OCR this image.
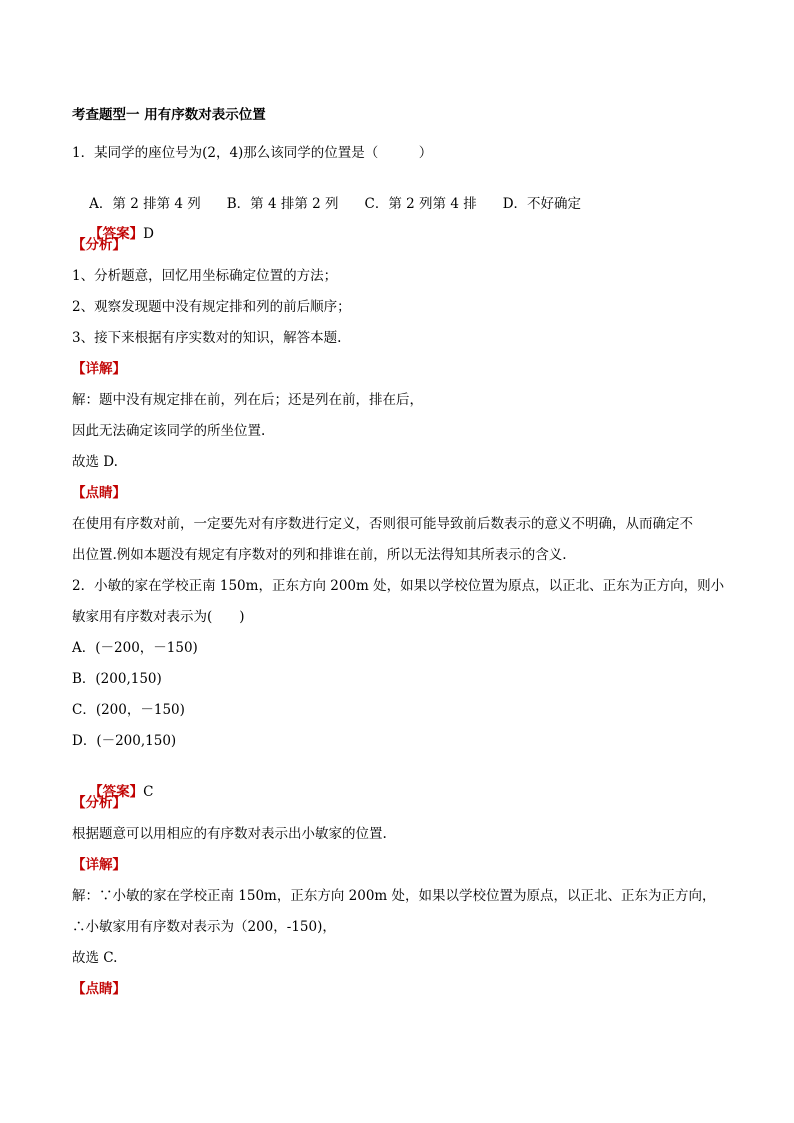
考查题型一 用有序数对表示位置
1．某同学的座位号为(2，4)那么该同学的位置是（　　　）

A．第 2 排第 4 列 B．第 4 排第 2 列 C．第 2 列第 4 排 D．不好确定

【答案】D

【分析】
1、分析题意，回忆用坐标确定位置的方法；
2、观察发现题中没有规定排和列的前后顺序；
3、接下来根据有序实数对的知识，解答本题.
【详解】
解：题中没有规定排在前，列在后；还是列在前，排在后，
因此无法确定该同学的所坐位置.
故选 D.
【点睛】
在使用有序数对前，一定要先对有序数进行定义，否则很可能导致前后数表示的意义不明确，从而确定不
出位置.例如本题没有规定有序数对的列和排谁在前，所以无法得知其所表示的含义.
2．小敏的家在学校正南 150m，正东方向 200m 处，如果以学校位置为原点，以正北、正东为正方向，则小
敏家用有序数对表示为(　　)
A．(－200，－150)
B．(200,150)
C．(200，－150)
D．(－200,150)

【答案】C

【分析】
根据题意可以用相应的有序数对表示出小敏家的位置.
【详解】
解：∵小敏的家在学校正南 150m，正东方向 200m 处，如果以学校位置为原点，以正北、正东为正方向，
∴小敏家用有序数对表示为（200，-150)，
故选 C.
【点睛】
